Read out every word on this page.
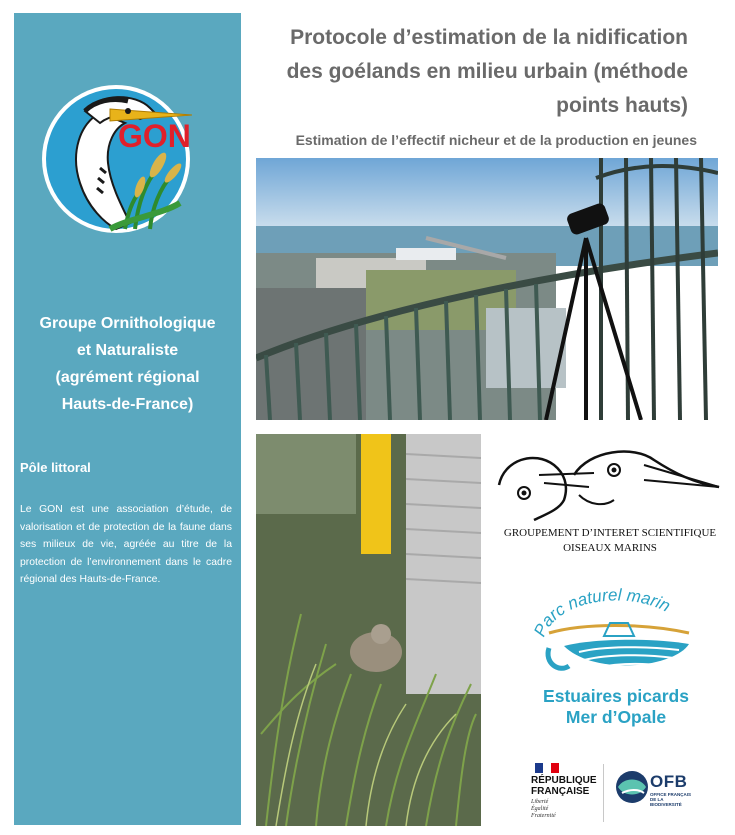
GON
Groupe Ornithologique
et Naturaliste
(agrément régional
Hauts-de-France)
Pôle littoral
Le GON est une association d’étude, de valorisation et de protection de la faune dans ses milieux de vie, agréée au titre de la protection de l’environnement dans le cadre régional des Hauts-de-France.
Protocole d’estimation de la nidification
des goélands en milieu urbain (méthode
points hauts)
Estimation de l’effectif nicheur et de la production en jeunes
GROUPEMENT D’INTERET SCIENTIFIQUE
OISEAUX MARINS
Parc naturel marin
Estuaires picards
Mer d’Opale
RÉPUBLIQUE
FRANÇAISE
Liberté
Égalité
Fraternité
OFB
OFFICE FRANÇAIS DE LA BIODIVERSITÉ
